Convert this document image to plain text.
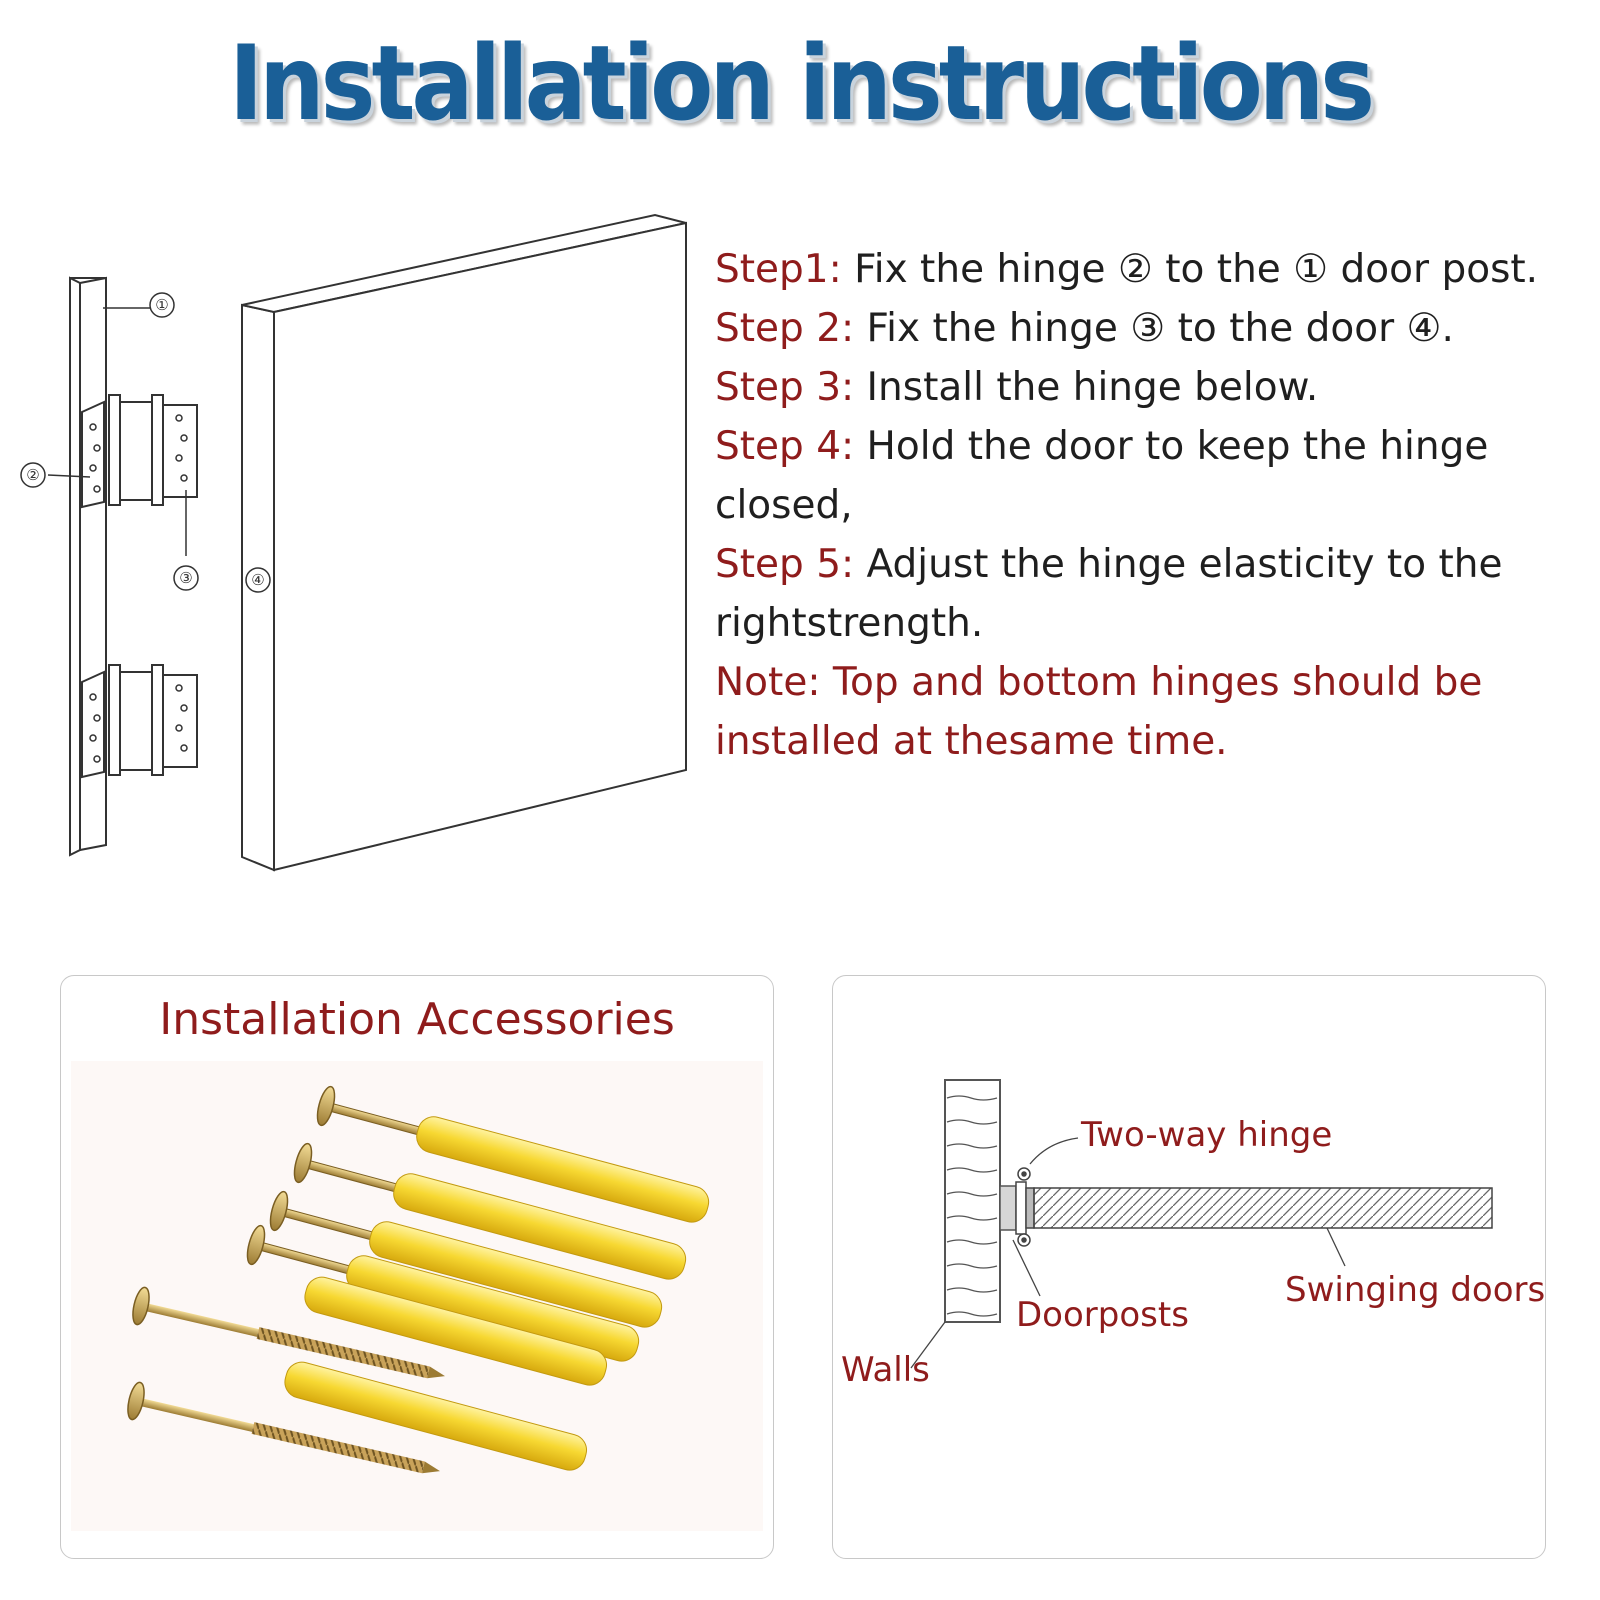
Installation instructions
①
②
③	④

Step1: Fix the hinge ② to the ① door post.

Step 2: Fix the hinge ③ to the door ④.

Step 3: Install the hinge below.

Step 4: Hold the door to keep the hinge closed,

Step 5: Adjust the hinge elasticity to the rightstrength.

Note: Top and bottom hinges should be installed at thesame time.

Installation Accessories
Two-way hinge
Doorposts
Swinging doors
Walls
